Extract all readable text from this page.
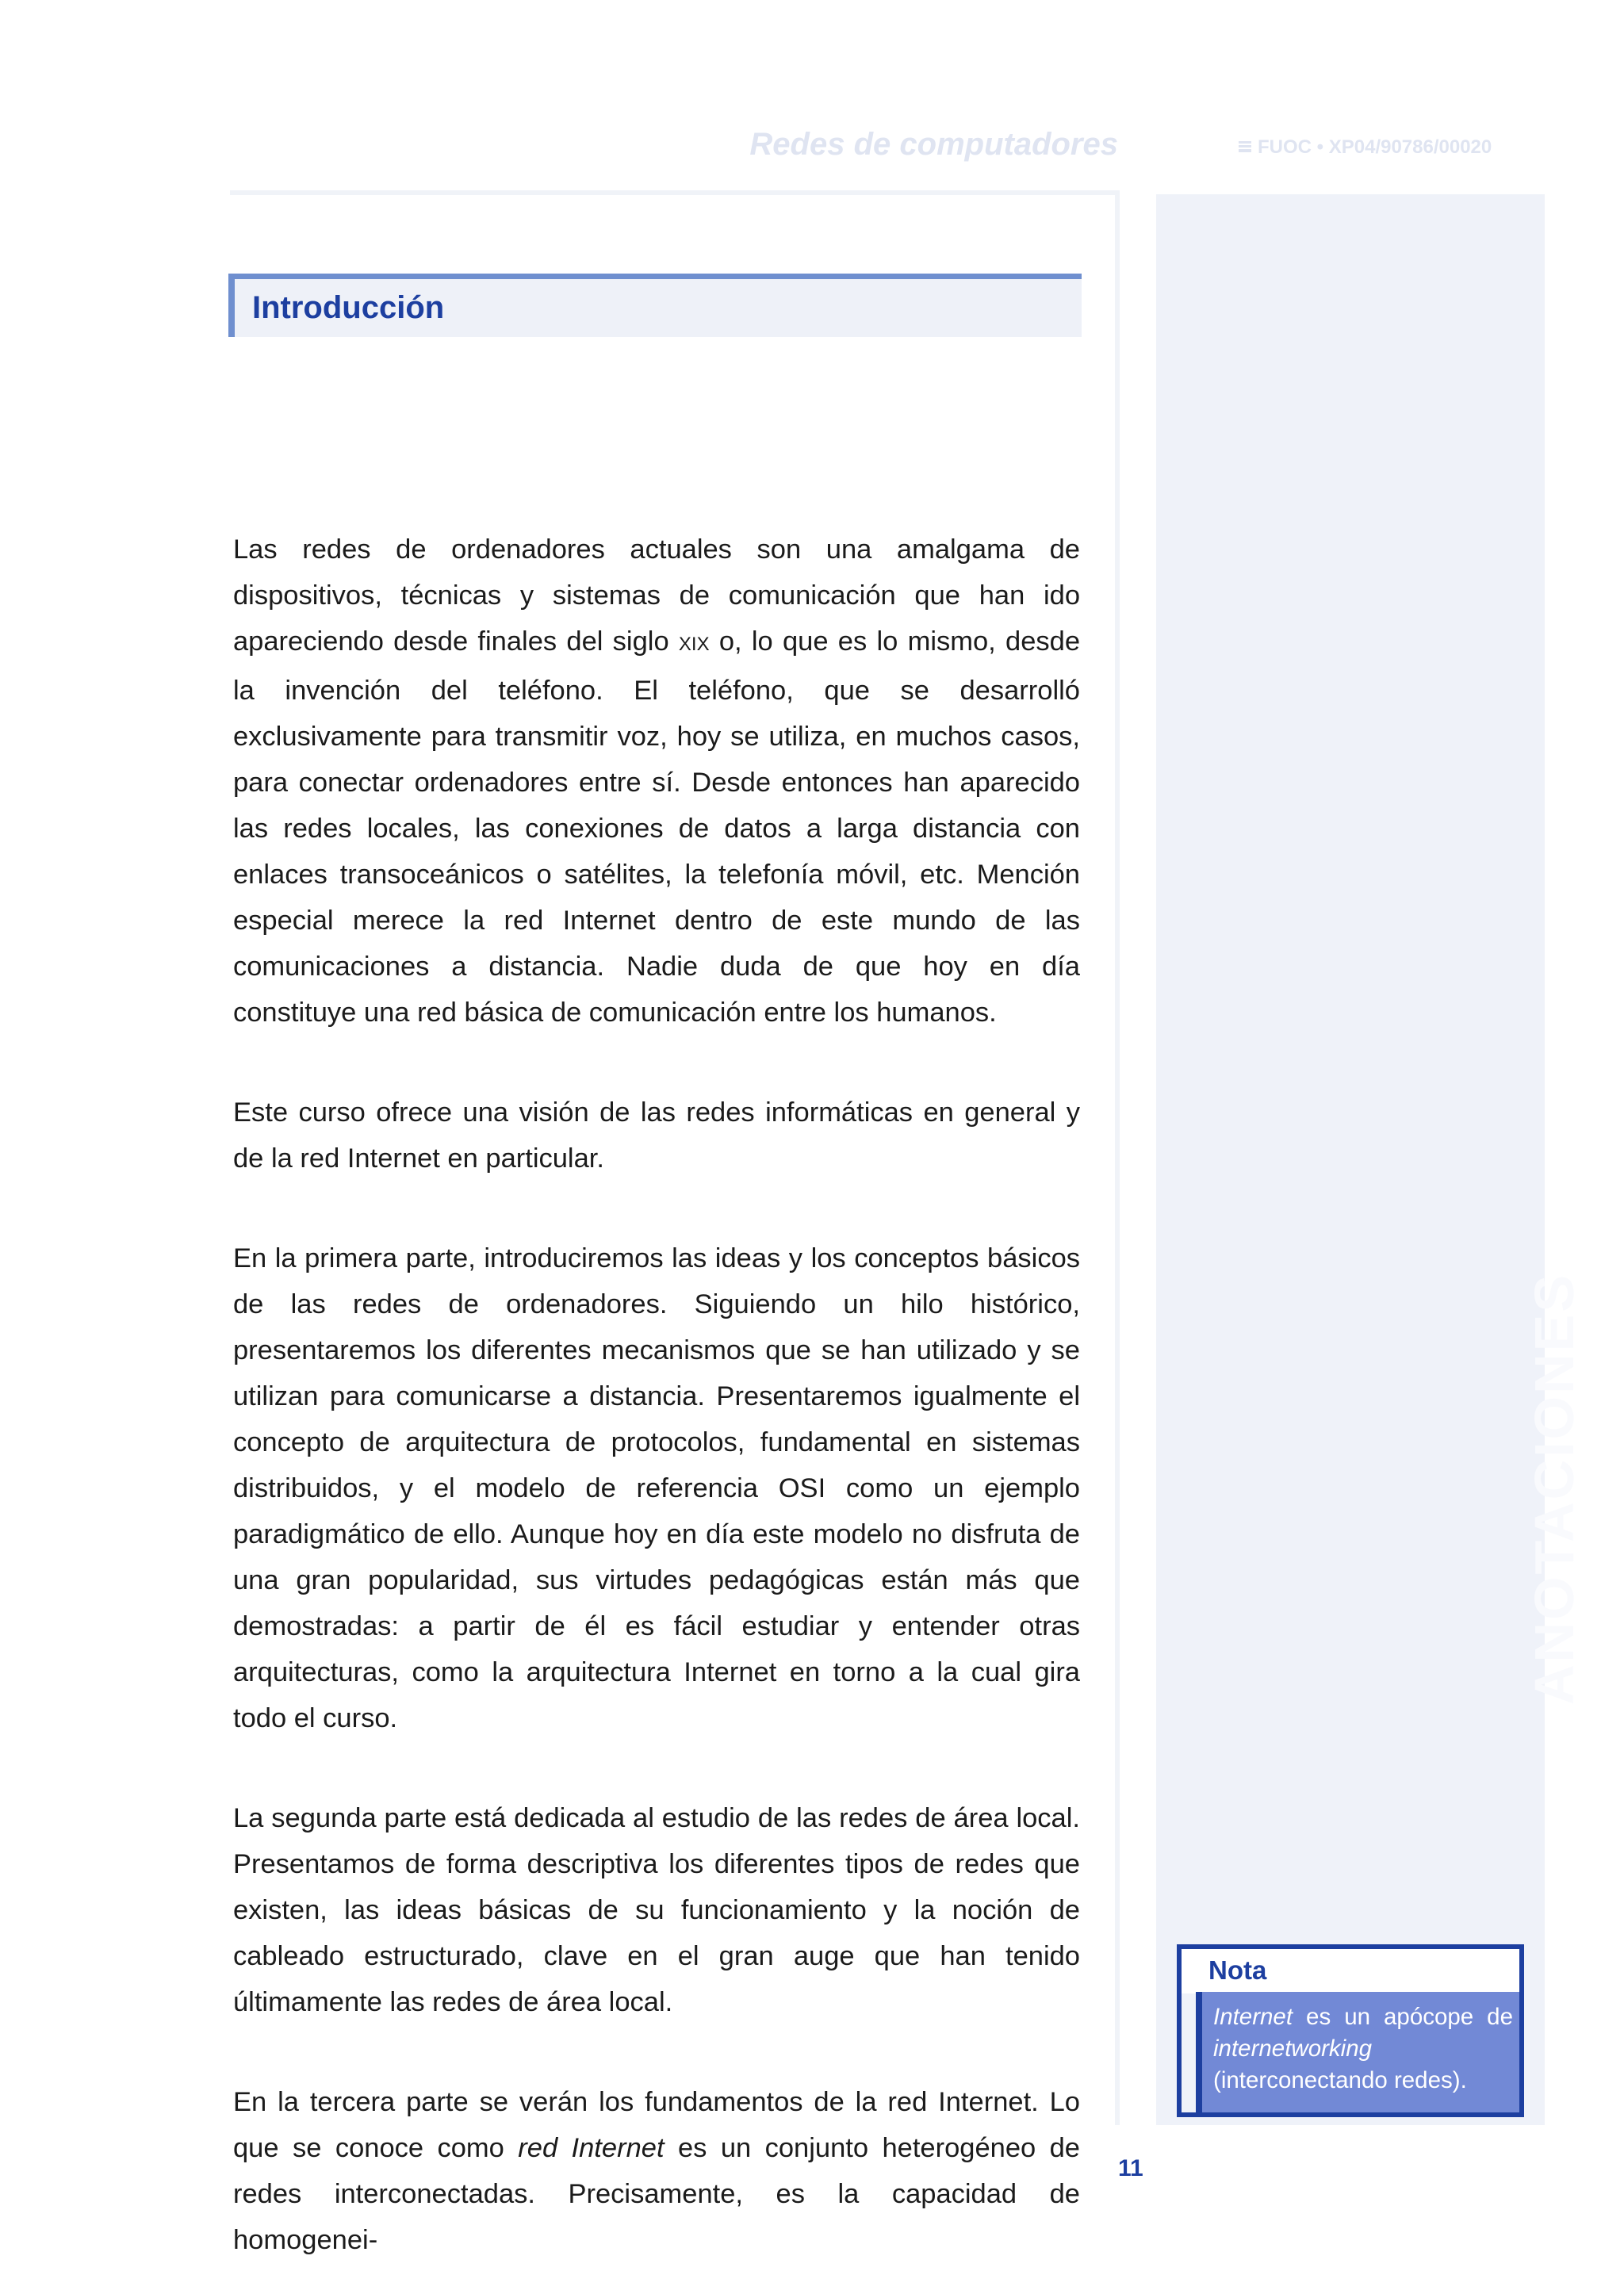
Redes de computadores	FUOC • XP04/90786/00020
ANOTACIONES
Introducción

Las redes de ordenadores actuales son una amalgama de dispositivos, técnicas y sistemas de comunicación que han ido apareciendo desde finales del siglo XIX o, lo que es lo mismo, desde la invención del teléfono. El teléfono, que se desarrolló exclusivamente para transmitir voz, hoy se utiliza, en muchos casos, para conectar ordenadores entre sí. Desde entonces han aparecido las redes locales, las conexiones de datos a larga distancia con enlaces transoceánicos o satélites, la telefonía móvil, etc. Mención especial merece la red Internet dentro de este mundo de las comunicaciones a distancia. Nadie duda de que hoy en día constituye una red básica de comunicación entre los humanos.

Este curso ofrece una visión de las redes informáticas en general y de la red Internet en particular.

En la primera parte, introduciremos las ideas y los conceptos básicos de las redes de ordenadores. Siguiendo un hilo histórico, presentaremos los diferentes mecanismos que se han utilizado y se utilizan para comunicarse a distancia. Presentaremos igualmente el concepto de arquitectura de protocolos, fundamental en sistemas distribuidos, y el modelo de referencia OSI como un ejemplo paradigmático de ello. Aunque hoy en día este modelo no disfruta de una gran popularidad, sus virtudes pedagógicas están más que demostradas: a partir de él es fácil estudiar y entender otras arquitecturas, como la arquitectura Internet en torno a la cual gira todo el curso.

La segunda parte está dedicada al estudio de las redes de área local. Presentamos de forma descriptiva los diferentes tipos de redes que existen, las ideas básicas de su funcionamiento y la noción de cableado estructurado, clave en el gran auge que han tenido últimamente las redes de área local.

En la tercera parte se verán los fundamentos de la red Internet. Lo que se conoce como red Internet es un conjunto heterogéneo de redes interconectadas. Precisamente, es la capacidad de homogenei-

Nota
Internet es un apócope de internetworking (interconectando redes).
11
